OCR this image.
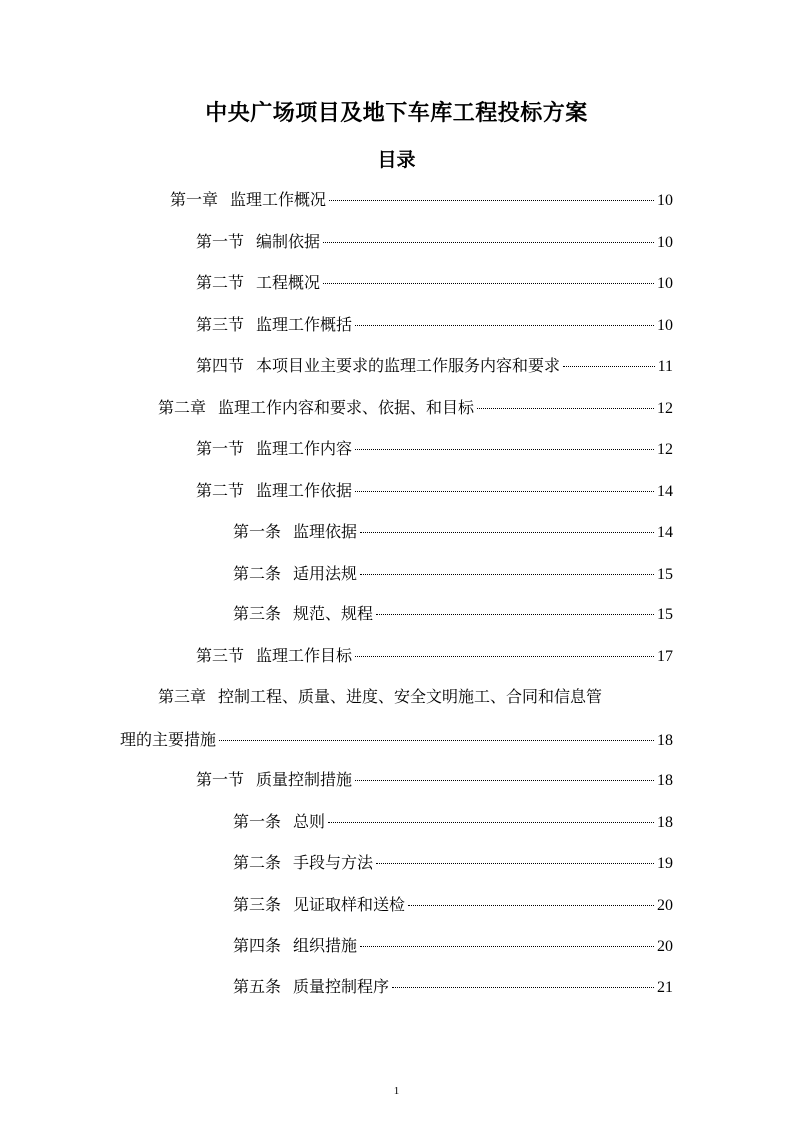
中央广场项目及地下车库工程投标方案
目录
第一章 监理工作概况	10
第一节 编制依据	10
第二节 工程概况	10
第三节 监理工作概括	10
第四节 本项目业主要求的监理工作服务内容和要求	11
第二章 监理工作内容和要求、依据、和目标	12
第一节 监理工作内容	12
第二节 监理工作依据	14
第一条 监理依据	14
第二条 适用法规	15
第三条 规范、规程	15
第三节 监理工作目标	17
第三章 控制工程、质量、进度、安全文明施工、合同和信息管
理的主要措施	18
第一节 质量控制措施	18
第一条 总则	18
第二条 手段与方法	19
第三条 见证取样和送检	20
第四条 组织措施	20
第五条 质量控制程序	21
1
